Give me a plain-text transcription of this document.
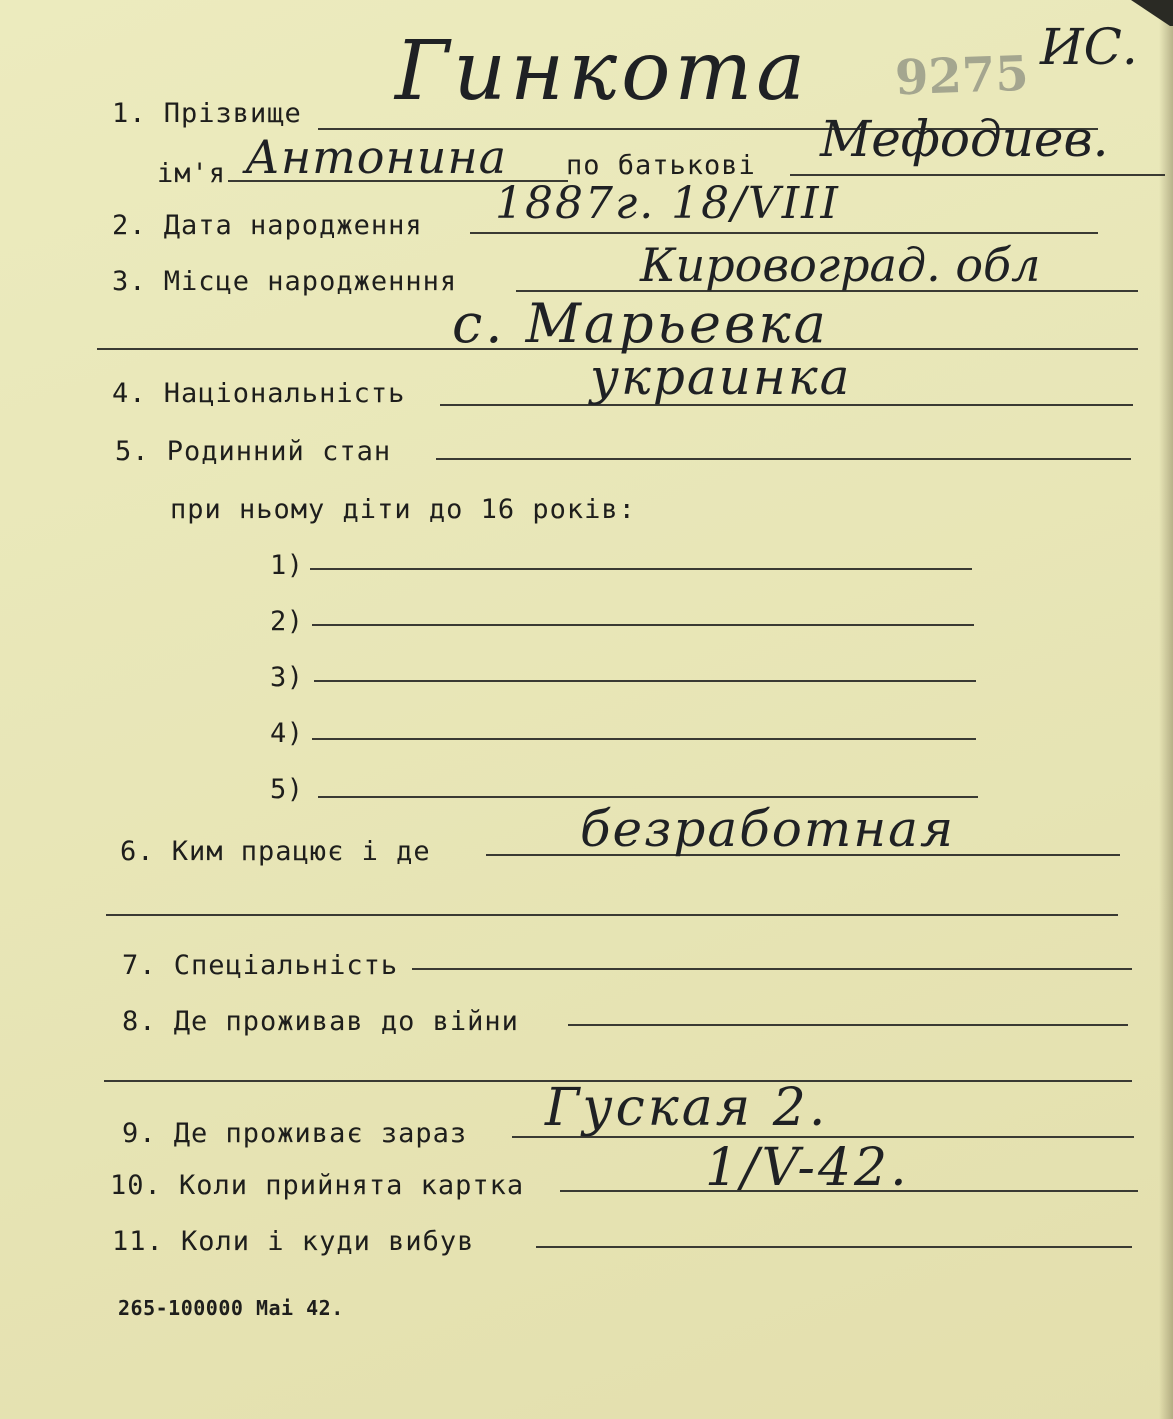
9275 ИС.
1. Прізвище Гинкота
ім'я Антонина по батькові Мефодиев.
2. Дата народження 1887г. 18/VIII
3. Місце народженння	Кировоград. обл
с. Марьевка
4. Національність	украинка
5. Родинний стан
при ньому діти до 16 років:
1)
2)
3)
4)
5)
6. Ким працює і де	безработная
7. Спеціальність
8. Де проживав до війни
9. Де проживає зараз Гуская 2.
10. Коли прийнята картка	1/V-42.
11. Коли і куди вибув
265-100000 Mai 42.
